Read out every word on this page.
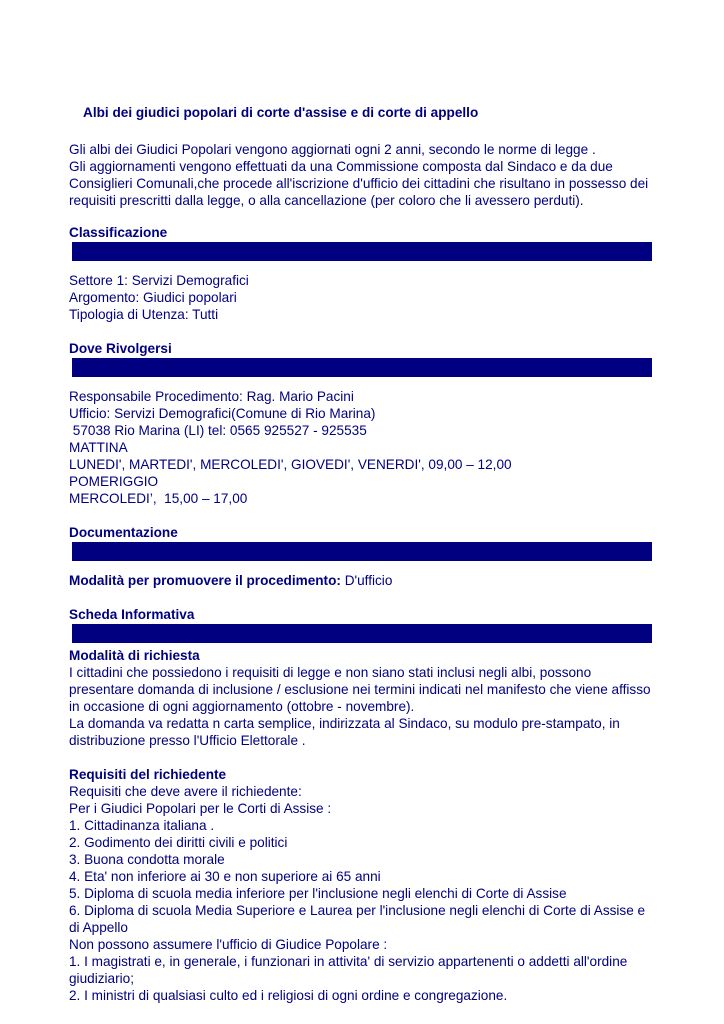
Albi dei giudici popolari di corte d'assise e di corte di appello

Gli albi dei Giudici Popolari vengono aggiornati ogni 2 anni, secondo le norme di legge .

Gli aggiornamenti vengono effettuati da una Commissione composta dal Sindaco e da due Consiglieri Comunali,che procede all'iscrizione d'ufficio dei cittadini che risultano in possesso dei requisiti prescritti dalla legge, o alla cancellazione (per coloro che li avessero perduti).

Classificazione
Settore 1: Servizi Demografici
Argomento: Giudici popolari
Tipologia di Utenza: Tutti
Dove Rivolgersi
Responsabile Procedimento: Rag. Mario Pacini
Ufficio: Servizi Demografici(Comune di Rio Marina)
57038 Rio Marina (LI) tel: 0565 925527 - 925535
MATTINA
LUNEDI', MARTEDI', MERCOLEDI', GIOVEDI', VENERDI', 09,00 – 12,00
POMERIGGIO
MERCOLEDI’,  15,00 – 17,00
Documentazione

Modalità per promuovere il procedimento: D'ufficio

Scheda Informativa
Modalità di richiesta

I cittadini che possiedono i requisiti di legge e non siano stati inclusi negli albi, possono presentare domanda di inclusione / esclusione nei termini indicati nel manifesto che viene affisso in occasione di ogni aggiornamento (ottobre - novembre).

La domanda va redatta n carta semplice, indirizzata al Sindaco, su modulo pre-stampato, in distribuzione presso l'Ufficio Elettorale .

Requisiti del richiedente

Requisiti che deve avere il richiedente:

Per i Giudici Popolari per le Corti di Assise :

1. Cittadinanza italiana .

2. Godimento dei diritti civili e politici

3. Buona condotta morale

4. Eta' non inferiore ai 30 e non superiore ai 65 anni

5. Diploma di scuola media inferiore per l'inclusione negli elenchi di Corte di Assise

6. Diploma di scuola Media Superiore e Laurea per l'inclusione negli elenchi di Corte di Assise e di Appello

Non possono assumere l'ufficio di Giudice Popolare :

1. I magistrati e, in generale, i funzionari in attivita' di servizio appartenenti o addetti all'ordine giudiziario;

2. I ministri di qualsiasi culto ed i religiosi di ogni ordine e congregazione.
